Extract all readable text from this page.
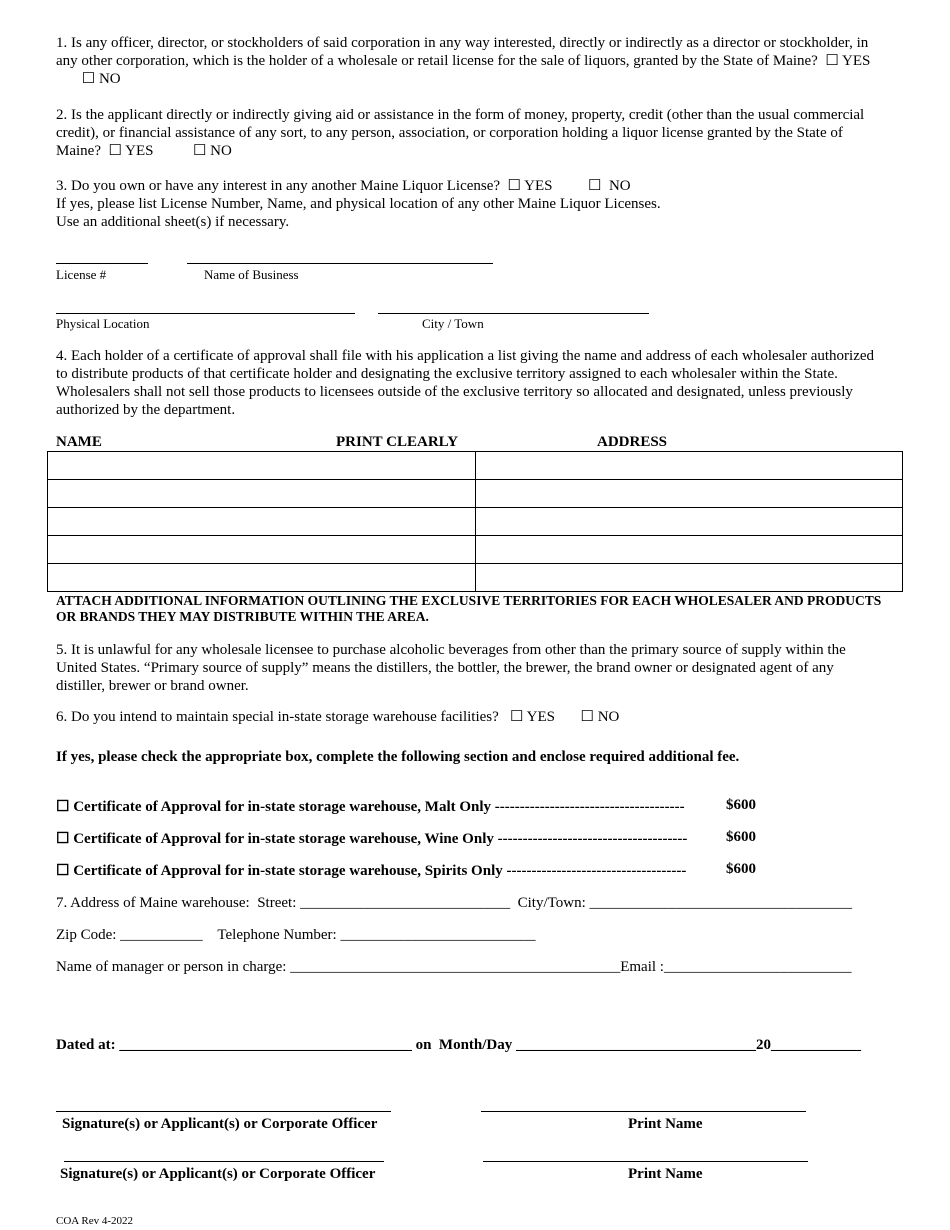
1. Is any officer, director, or stockholders of said corporation in any way interested, directly or indirectly as a director or stockholder, in any other corporation, which is the holder of a wholesale or retail license for the sale of liquors, granted by the State of Maine?  ☐ YES  ☐ NO
2. Is the applicant directly or indirectly giving aid or assistance in the form of money, property, credit (other than the usual commercial credit), or financial assistance of any sort, to any person, association, or corporation holding a liquor license granted by the State of Maine?  ☐ YES	☐ NO
3. Do you own or have any interest in any another Maine Liquor License?  ☐ YES ☐  NO
If yes, please list License Number, Name, and physical location of any other Maine Liquor Licenses.
Use an additional sheet(s) if necessary.
License #	Name of Business
Physical Location	City / Town
4. Each holder of a certificate of approval shall file with his application a list giving the name and address of each wholesaler authorized to distribute products of that certificate holder and designating the exclusive territory assigned to each wholesaler within the State. Wholesalers shall not sell those products to licensees outside of the exclusive territory so allocated and designated, unless previously authorized by the department.
NAME	PRINT CLEARLY	ADDRESS

ATTACH ADDITIONAL INFORMATION OUTLINING THE EXCLUSIVE TERRITORIES FOR EACH WHOLESALER AND PRODUCTS OR BRANDS THEY MAY DISTRIBUTE WITHIN THE AREA.
5. It is unlawful for any wholesale licensee to purchase alcoholic beverages from other than the primary source of supply within the United States. “Primary source of supply” means the distillers, the bottler, the brewer, the brand owner or designated agent of any distiller, brewer or brand owner.
6. Do you intend to maintain special in-state storage warehouse facilities?   ☐ YES ☐ NO
If yes, please check the appropriate box, complete the following section and enclose required additional fee.
☐ Certificate of Approval for in-state storage warehouse, Malt Only --------------------------------------	$600
☐ Certificate of Approval for in-state storage warehouse, Wine Only --------------------------------------	$600
☐ Certificate of Approval for in-state storage warehouse, Spirits Only ------------------------------------	$600
7. Address of Maine warehouse:  Street: ____________________________  City/Town: ___________________________________
Zip Code: ___________    Telephone Number: __________________________
Name of manager or person in charge: ____________________________________________Email :_________________________
Dated at: _______________________________________ on  Month/Day ________________________________20____________
Signature(s) or Applicant(s) or Corporate Officer	Print Name
Signature(s) or Applicant(s) or Corporate Officer	Print Name
COA Rev 4-2022
